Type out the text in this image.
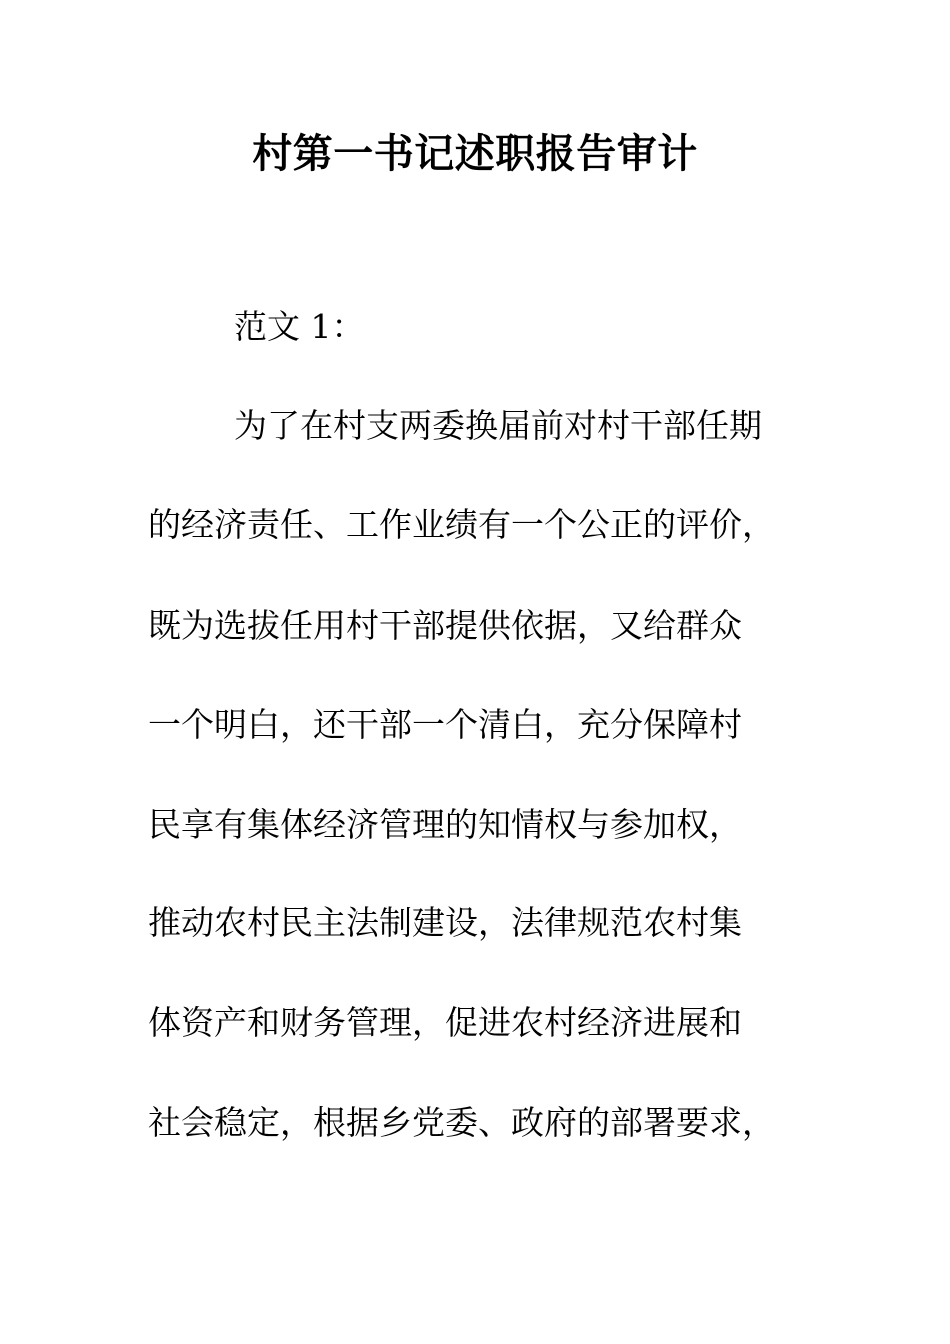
村第一书记述职报告审计

范文 1：

为了在村支两委换届前对村干部任期

的经济责任、工作业绩有一个公正的评价，

既为选拔任用村干部提供依据，又给群众

一个明白，还干部一个清白，充分保障村

民享有集体经济管理的知情权与参加权，

推动农村民主法制建设，法律规范农村集

体资产和财务管理，促进农村经济进展和

社会稳定，根据乡党委、政府的部署要求，
